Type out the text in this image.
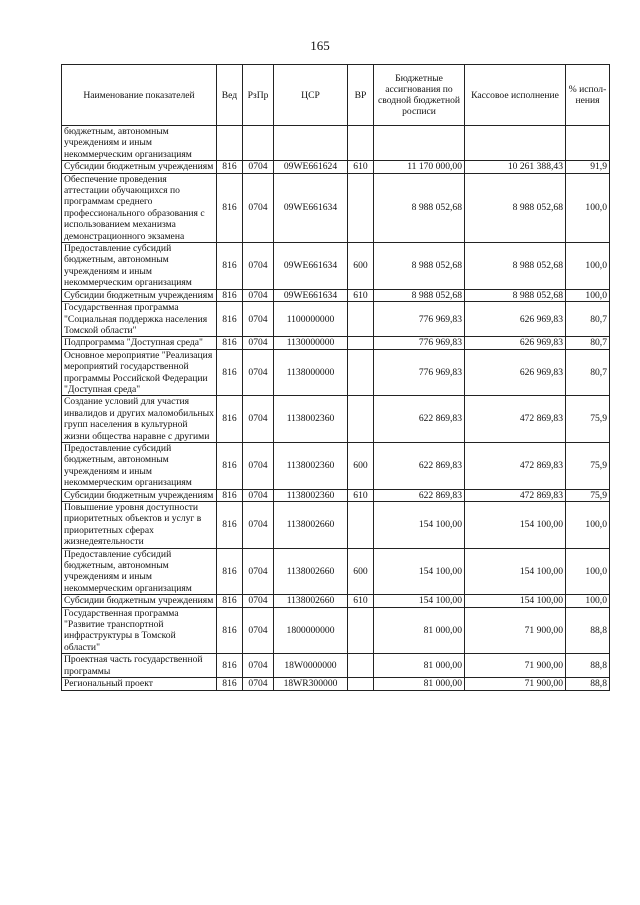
165
Наименование показателей	Вед	РзПр	ЦСР	ВР	Бюджетные ассигнования по сводной бюджетной росписи	Кассовое исполнение	% испол-нения
бюджетным, автономным учреждениям и иным некоммерческим организациям							
Субсидии бюджетным учреждениям	816	0704	09WE661624	610	11 170 000,00	10 261 388,43	91,9
Обеспечение проведения аттестации обучающихся по программам среднего профессионального образования с использованием механизма демонстрационного экзамена	816	0704	09WE661634		8 988 052,68	8 988 052,68	100,0
Предоставление субсидий бюджетным, автономным учреждениям и иным некоммерческим организациям	816	0704	09WE661634	600	8 988 052,68	8 988 052,68	100,0
Субсидии бюджетным учреждениям	816	0704	09WE661634	610	8 988 052,68	8 988 052,68	100,0
Государственная программа "Социальная поддержка населения Томской области"	816	0704	1100000000		776 969,83	626 969,83	80,7
Подпрограмма "Доступная среда"	816	0704	1130000000		776 969,83	626 969,83	80,7
Основное мероприятие "Реализация мероприятий государственной программы Российской Федерации "Доступная среда"	816	0704	1138000000		776 969,83	626 969,83	80,7
Создание условий для участия инвалидов и других маломобильных групп населения в культурной жизни общества наравне с другими	816	0704	1138002360		622 869,83	472 869,83	75,9
Предоставление субсидий бюджетным, автономным учреждениям и иным некоммерческим организациям	816	0704	1138002360	600	622 869,83	472 869,83	75,9
Субсидии бюджетным учреждениям	816	0704	1138002360	610	622 869,83	472 869,83	75,9
Повышение уровня доступности приоритетных объектов и услуг в приоритетных сферах жизнедеятельности	816	0704	1138002660		154 100,00	154 100,00	100,0
Предоставление субсидий бюджетным, автономным учреждениям и иным некоммерческим организациям	816	0704	1138002660	600	154 100,00	154 100,00	100,0
Субсидии бюджетным учреждениям	816	0704	1138002660	610	154 100,00	154 100,00	100,0
Государственная программа "Развитие транспортной инфраструктуры в Томской области"	816	0704	1800000000		81 000,00	71 900,00	88,8
Проектная часть государственной программы	816	0704	18W0000000		81 000,00	71 900,00	88,8
Региональный проект	816	0704	18WR300000		81 000,00	71 900,00	88,8
